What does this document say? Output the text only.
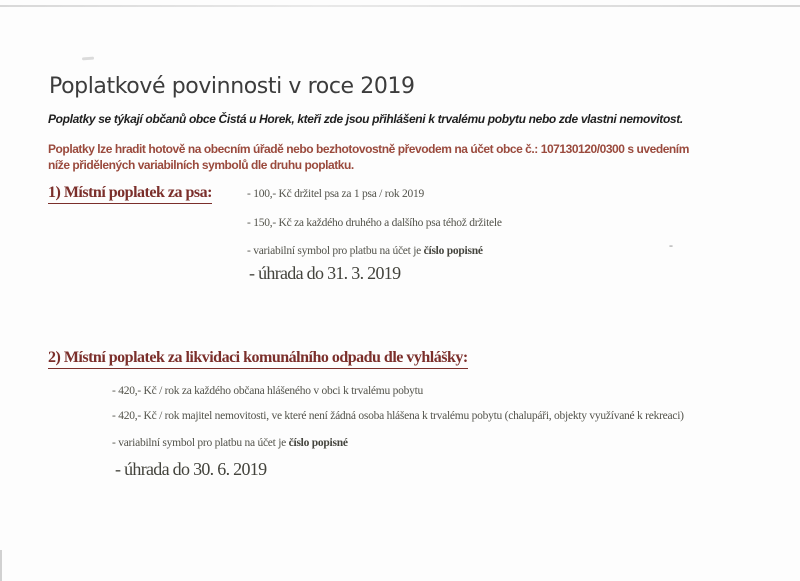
-
Poplatkové povinnosti v roce 2019
Poplatky se týkají občanů obce Čistá u Horek, kteři zde jsou přihlášeni k trvalému pobytu nebo zde vlastni nemovitost.
Poplatky lze hradit hotově na obecním úřadě nebo bezhotovostně převodem na účet obce č.: 107130120/0300 s uvedením
níže přidělených variabilních symbolů dle druhu poplatku.
1) Místní poplatek za psa:	- 100,- Kč držitel psa za 1 psa / rok 2019
- 150,- Kč za každého druhého a dalšího psa téhož držitele
- variabilní symbol pro platbu na účet je číslo popisné
- úhrada do 31. 3. 2019
2) Místní poplatek za likvidaci komunálního odpadu dle vyhlášky:
- 420,- Kč / rok za každého občana hlášeného v obci k trvalému pobytu
- 420,- Kč / rok majitel nemovitosti, ve které není žádná osoba hlášena k trvalému pobytu (chalupáři, objekty využívané k rekreaci)
- variabilní symbol pro platbu na účet je číslo popisné
- úhrada do 30. 6. 2019
